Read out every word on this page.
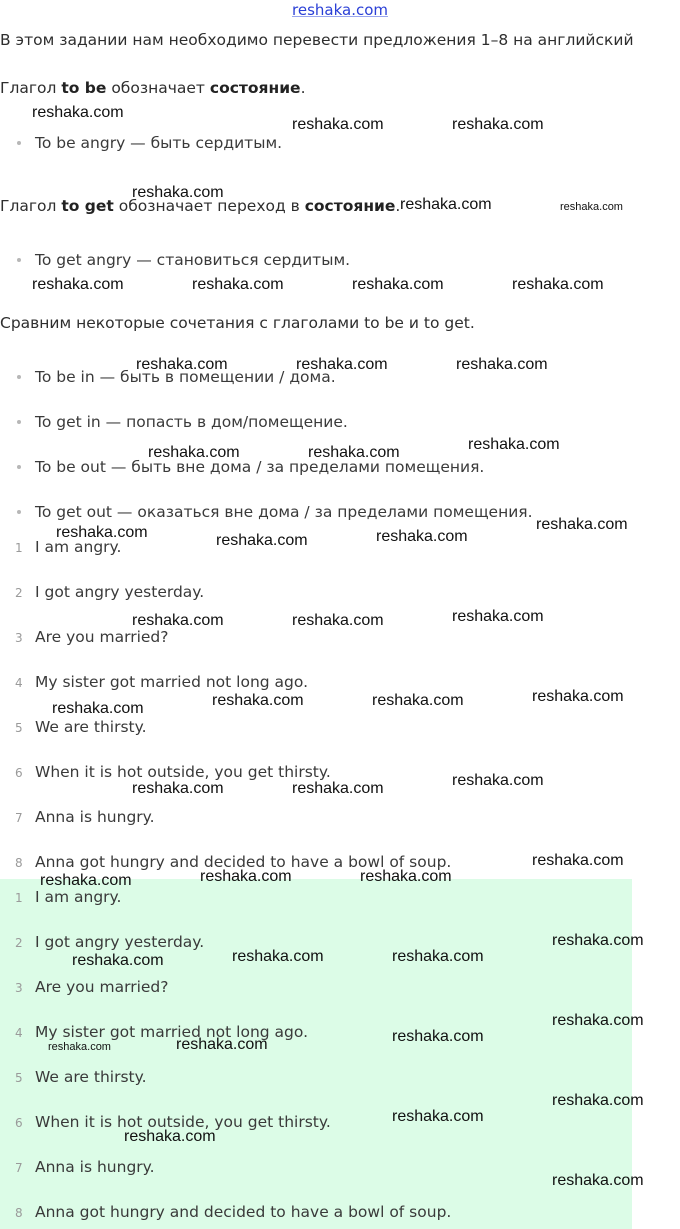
reshaka.com
В этом задании нам необходимо перевести предложения 1–8 на английский
Глагол to be обозначает состояние.
To be angry — быть сердитым.
Глагол to get обозначает переход в состояние.
To get angry — становиться сердитым.
Сравним некоторые сочетания с глаголами to be и to get.
To be in — быть в помещении / дома.
To get in — попасть в дом/помещение.
To be out — быть вне дома / за пределами помещения.
To get out — оказаться вне дома / за пределами помещения.
1 I am angry.
2 I got angry yesterday.
3 Are you married?
4 My sister got married not long ago.
5 We are thirsty.
6 When it is hot outside, you get thirsty.
7 Anna is hungry.
8 Anna got hungry and decided to have a bowl of soup.
1 I am angry.
2 I got angry yesterday.
3 Are you married?
4 My sister got married not long ago.
5 We are thirsty.
6 When it is hot outside, you get thirsty.
7 Anna is hungry.
8 Anna got hungry and decided to have a bowl of soup.
reshaka.com
reshaka.com	reshaka.com
reshaka.com
reshaka.com	reshaka.com
reshaka.com	reshaka.com	reshaka.com	reshaka.com
reshaka.com	reshaka.com	reshaka.com
reshaka.com	reshaka.com	reshaka.com
reshaka.com	reshaka.com	reshaka.com
reshaka.com
reshaka.com	reshaka.com	reshaka.com
reshaka.com	reshaka.com	reshaka.com	reshaka.com
reshaka.com	reshaka.com	reshaka.com
reshaka.com
reshaka.com	reshaka.com	reshaka.com
reshaka.com
reshaka.com	reshaka.com	reshaka.com
reshaka.com
reshaka.com	reshaka.com	reshaka.com
reshaka.com
reshaka.com
reshaka.com
reshaka.com
